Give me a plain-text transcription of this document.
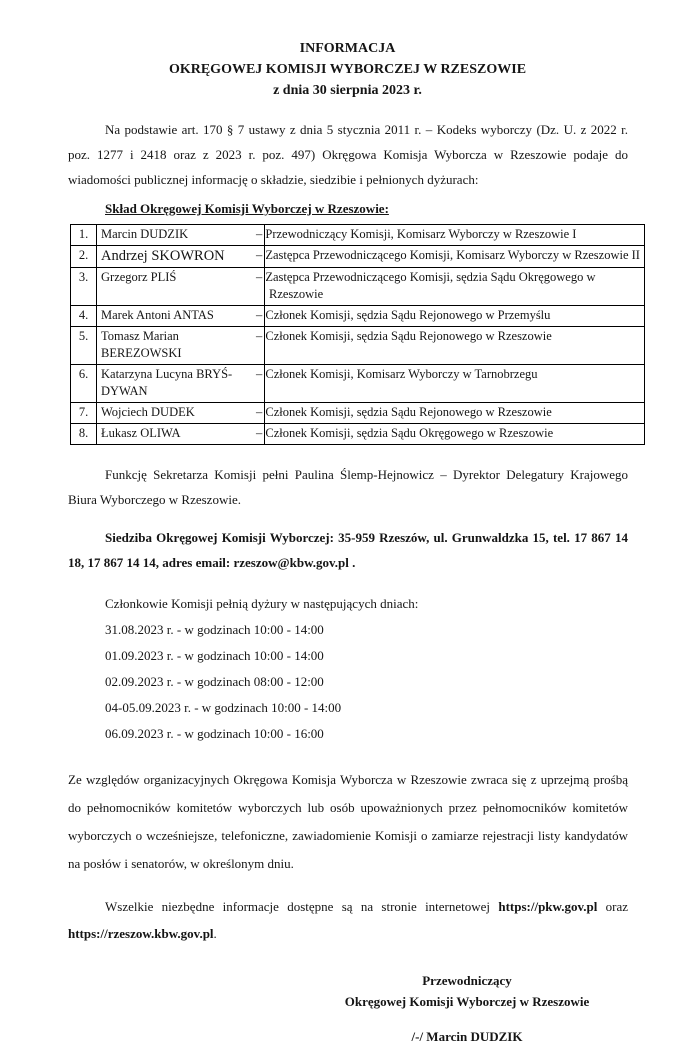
INFORMACJA
OKRĘGOWEJ KOMISJI WYBORCZEJ W RZESZOWIE
z dnia 30 sierpnia 2023 r.

Na podstawie art. 170 § 7 ustawy z dnia 5 stycznia 2011 r. – Kodeks wyborczy (Dz. U. z 2022 r. poz. 1277 i 2418 oraz z 2023 r. poz. 497) Okręgowa Komisja Wyborcza w Rzeszowie podaje do wiadomości publicznej informację o składzie, siedzibie i pełnionych dyżurach:

Skład Okręgowej Komisji Wyborczej w Rzeszowie:
1.	Marcin DUDZIK	– Przewodniczący Komisji, Komisarz Wyborczy w Rzeszowie I
2.	Andrzej SKOWRON	– Zastępca Przewodniczącego Komisji, Komisarz Wyborczy w Rzeszowie II
3.	Grzegorz PLIŚ	– Zastępca Przewodniczącego Komisji, sędzia Sądu Okręgowego w Rzeszowie
4.	Marek Antoni ANTAS	– Członek Komisji, sędzia Sądu Rejonowego w Przemyślu
5.	Tomasz Marian BEREZOWSKI	– Członek Komisji, sędzia Sądu Rejonowego w Rzeszowie
6.	Katarzyna Lucyna BRYŚ-DYWAN	– Członek Komisji, Komisarz Wyborczy w Tarnobrzegu
7.	Wojciech DUDEK	– Członek Komisji, sędzia Sądu Rejonowego w Rzeszowie
8.	Łukasz OLIWA	– Członek Komisji, sędzia Sądu Okręgowego w Rzeszowie

Funkcję Sekretarza Komisji pełni Paulina Ślemp-Hejnowicz – Dyrektor Delegatury Krajowego Biura Wyborczego w Rzeszowie.

Siedziba Okręgowej Komisji Wyborczej: 35-959 Rzeszów, ul. Grunwaldzka 15, tel. 17 867 14 18, 17 867 14 14, adres email: rzeszow@kbw.gov.pl .

Członkowie Komisji pełnią dyżury w następujących dniach:
31.08.2023 r. - w godzinach 10:00 - 14:00
01.09.2023 r. - w godzinach 10:00 - 14:00
02.09.2023 r. - w godzinach 08:00 - 12:00
04-05.09.2023 r. - w godzinach 10:00 - 14:00
06.09.2023 r. - w godzinach 10:00 - 16:00

Ze względów organizacyjnych Okręgowa Komisja Wyborcza w Rzeszowie zwraca się z uprzejmą prośbą do pełnomocników komitetów wyborczych lub osób upoważnionych przez pełnomocników komitetów wyborczych o wcześniejsze, telefoniczne, zawiadomienie Komisji o zamiarze rejestracji listy kandydatów na posłów i senatorów, w określonym dniu.

Wszelkie niezbędne informacje dostępne są na stronie internetowej https://pkw.gov.pl oraz https://rzeszow.kbw.gov.pl.

Przewodniczący
Okręgowej Komisji Wyborczej w Rzeszowie
/-/ Marcin DUDZIK
